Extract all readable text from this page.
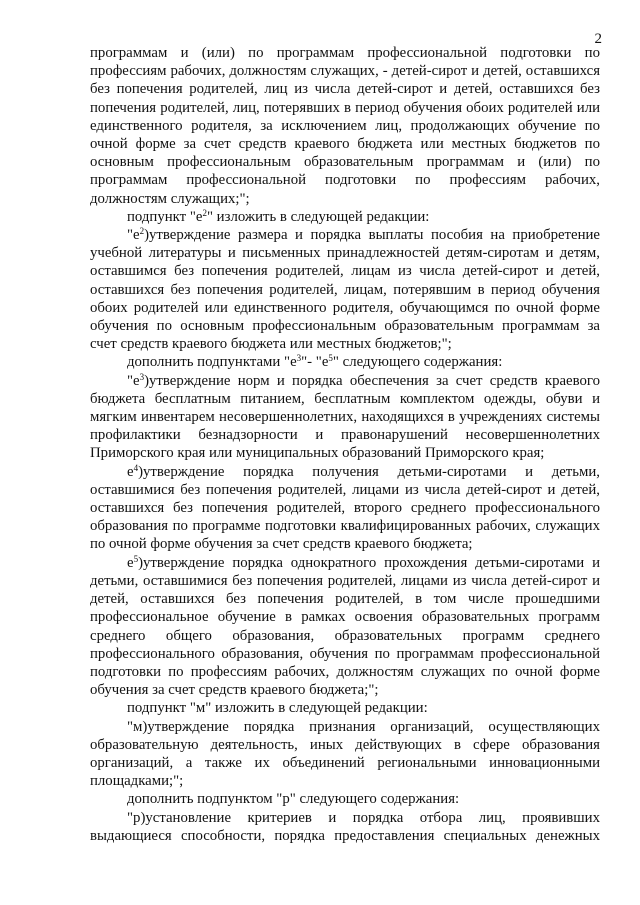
2

программам и (или) по программам профессиональной подготовки по профессиям рабочих, должностям служащих, - детей-сирот и детей, оставшихся без попечения родителей, лиц из числа детей-сирот и детей, оставшихся без попечения родителей, лиц, потерявших в период обучения обоих родителей или единственного родителя, за исключением лиц, продолжающих обучение по очной форме за счет средств краевого бюджета или местных бюджетов по основным профессиональным образовательным программам и (или) по программам профессиональной подготовки по профессиям рабочих, должностям служащих;";

подпункт "$е^2$" изложить в следующей редакции:

"$е^2)утверждение$ размера и порядка выплаты пособия на приобретение учебной литературы и письменных принадлежностей детям-сиротам и детям, оставшимся без попечения родителей, лицам из числа детей-сирот и детей, оставшихся без попечения родителей, лицам, потерявшим в период обучения обоих родителей или единственного родителя, обучающимся по очной форме обучения по основным профессиональным образовательным программам за счет средств краевого бюджета или местных бюджетов;";

дополнить подпунктами "$е^3"-$ "$е^5$" следующего содержания:

"$е^3)утверждение$ норм и порядка обеспечения за счет средств краевого бюджета бесплатным питанием, бесплатным комплектом одежды, обуви и мягким инвентарем несовершеннолетних, находящихся в учреждениях системы профилактики безнадзорности и правонарушений несовершеннолетних Приморского края или муниципальных образований Приморского края;

$е^4)утверждение$ порядка получения детьми-сиротами и детьми, оставшимися без попечения родителей, лицами из числа детей-сирот и детей, оставшихся без попечения родителей, второго среднего профессионального образования по программе подготовки квалифицированных рабочих, служащих по очной форме обучения за счет средств краевого бюджета;

$е^5)утверждение$ порядка однократного прохождения детьми-сиротами и детьми, оставшимися без попечения родителей, лицами из числа детей-сирот и детей, оставшихся без попечения родителей, в том числе прошедшими профессиональное обучение в рамках освоения образовательных программ среднего общего образования, образовательных программ среднего профессионального образования, обучения по программам профессиональной подготовки по профессиям рабочих, должностям служащих по очной форме обучения за счет средств краевого бюджета;";

подпункт "м" изложить в следующей редакции:

"м)утверждение порядка признания организаций, осуществляющих образовательную деятельность, иных действующих в сфере образования организаций, а также их объединений региональными инновационными площадками;";

дополнить подпунктом "р" следующего содержания:

"р)установление критериев и порядка отбора лиц, проявивших выдающиеся способности, порядка предоставления специальных денежных
